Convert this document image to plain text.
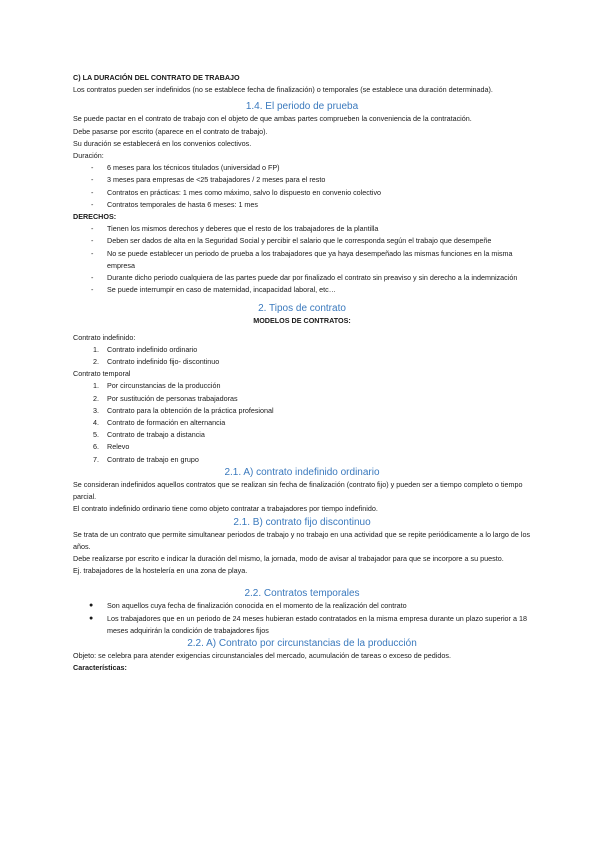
C) LA DURACIÓN DEL CONTRATO DE TRABAJO

Los contratos pueden ser indefinidos (no se establece fecha de finalización) o temporales (se establece una duración determinada).

1.4. El periodo de prueba

Se puede pactar en el contrato de trabajo con el objeto de que ambas partes comprueben la conveniencia de la contratación.

Debe pasarse por escrito (aparece en el contrato de trabajo).

Su duración se establecerá en los convenios colectivos.

Duración:

-	6 meses para los técnicos titulados (universidad o FP)
-	3 meses para empresas de <25 trabajadores / 2 meses para el resto
-	Contratos en prácticas: 1 mes como máximo, salvo lo dispuesto en convenio colectivo
-	Contratos temporales de hasta 6 meses: 1 mes

DERECHOS:

-	Tienen los mismos derechos y deberes que el resto de los trabajadores de la plantilla
-	Deben ser dados de alta en la Seguridad Social y percibir el salario que le corresponda según el trabajo que desempeñe
-	No se puede establecer un periodo de prueba a los trabajadores que ya haya desempeñado las mismas funciones en la misma empresa
-	Durante dicho periodo cualquiera de las partes puede dar por finalizado el contrato sin preaviso y sin derecho a la indemnización
-	Se puede interrumpir en caso de maternidad, incapacidad laboral, etc…

2. Tipos de contrato

MODELOS DE CONTRATOS:

Contrato indefinido:

1. Contrato indefinido ordinario
2. Contrato indefinido fijo- discontinuo

Contrato temporal

1. Por circunstancias de la producción
2. Por sustitución de personas trabajadoras
3. Contrato para la obtención de la práctica profesional
4. Contrato de formación en alternancia
5. Contrato de trabajo a distancia
6. Relevo
7. Contrato de trabajo en grupo

2.1. A) contrato indefinido ordinario

Se consideran indefinidos aquellos contratos que se realizan sin fecha de finalización (contrato fijo) y pueden ser a tiempo completo o tiempo parcial.

El contrato indefinido ordinario tiene como objeto contratar a trabajadores por tiempo indefinido.

2.1. B) contrato fijo discontinuo

Se trata de un contrato que permite simultanear periodos de trabajo y no trabajo en una actividad que se repite periódicamente a lo largo de los años.

Debe realizarse por escrito e indicar la duración del mismo, la jornada, modo de avisar al trabajador para que se incorpore a su puesto.

Ej. trabajadores de la hostelería en una zona de playa.

2.2. Contratos temporales

●	Son aquellos cuya fecha de finalización conocida en el momento de la realización del contrato
●	Los trabajadores que en un periodo de 24 meses hubieran estado contratados en la misma empresa durante un plazo superior a 18 meses adquirirán la condición de trabajadores fijos

2.2. A) Contrato por circunstancias de la producción

Objeto: se celebra para atender exigencias circunstanciales del mercado, acumulación de tareas o exceso de pedidos.

Características:
